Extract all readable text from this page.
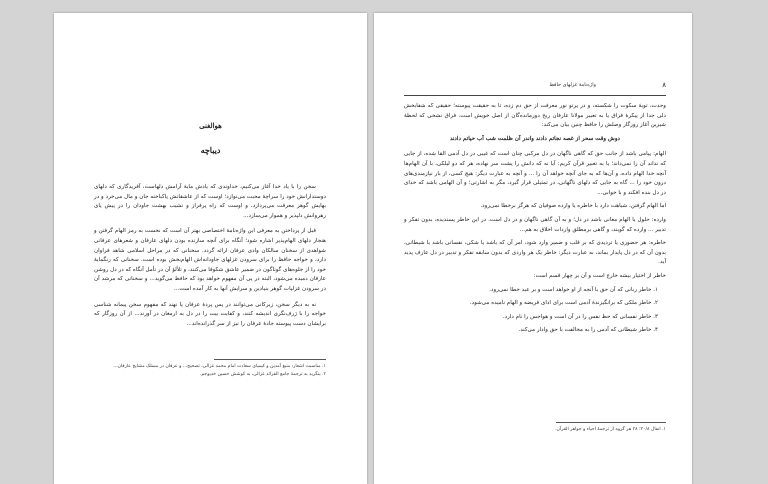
هوالغنی
دیباچه

سخن را با یاد خدا آغاز می‌کنیم، خداوندی که یادش مایهٔ آرامش دلهاست، آفریدگاری که دلهای دوستدارانش خود را سراچهٔ محبت می‌نوازد؛ اوست که از عاشقانش پاکباخته جان و مال می‌خرد و در بهایش گوهر معرفت می‌پردازد، و اوست که راه پرفراز و نشیب بهشت جاودان را در پیش پای رهروانش دلپذیر و هموار می‌سازد...

قبل از پرداختن به معرفی این واژه‌نامهٔ اختصاصی بهتر آن است که نخست به رمز الهام گرفتن و هنجار دلهای الهام‌پذیر اشاره شود؛ آنگاه برای آنچه سازنده بودن دلهای عارفان و شعرهای عرفانی شواهدی از سخنان سالکان وادی عرفان ارائه گردد. سخنانی که در مراحل اسلامی شاهد فراوان دارد، و خواجه حافظ را برای سرودن غزلهای جاودانه‌اش الهام‌بخش بوده است. سخنانی که رنگمایهٔ خود را از جلوه‌های گوناگون در ضمیر عاشق شکوفا می‌کنند، و تلألؤ آن در تأمل آنگاه که در دل روشن عارفان دمیده می‌شود، البته در پی آن مفهوم خواهد بود که حافظ می‌گوید... و سخنانی که مرشد آن در سرودن غزلیات گوهر بنیادین و سرایش آنها به کار آمده است...

نه به دیگر سخن، زیرکانی می‌توانند در پس پردهٔ عرفان پا نهند که مفهوم سخن پیمانه شناسی خواجه را با ژرف‌نگری اندیشه کنند، و کفایت بیت را در دل به ارمغان در آورند... از آن روزگار که برایشان دست پیوسته جادهٔ عرفان را نیز از سر گذرانده‌اند...

۱. مناسبت اشعار: منبع آمدین و کیمیای سعادت امام محمد غزالی، تصحیح... و عرفان در مسلک مشایخ عارفان...

۲. بنگرید به ترجمهٔ جامع الفرائد غزالی، به کوشش حسین خدیوجم.

۸
واژه‌نامهٔ غزلهای حافظ

وحدت، توبهٔ سکوت را شکسته، و در پرتو نور معرفت از حق دم زده، تا به حقیقت پیوسته؛ حقیقی که شفابخش دلی جدا از پیکرهٔ فراق یا به تعبیر مولانا عارفان ریخ دورمانده‌گان از اصل خویش است. فراق نشخی که لحظهٔ شیرین آغاز روزگار وصلش را حافظ چنین بیان می‌کند:

دوش وقت سحر از غصه نجاتم دادند واندر آن ظلمت شب آب حیاتم دادند

الهام: پیامی باشد از جانب حق که گاهی ناگهان در دل مرکبی چنان است که غیبی در دل آدمی القا شده، از جایی که نداند آن را نمی‌داند؛ یا به تعبیر قرآن کریم: آیا نه که دانش را پشت سر نهاده، هر که دو لیلکی، با آن الهام‌ها آنچه خدا الهام داده، و آن‌ها که به جای آنچه خواهد آن را ... و آنچه به عبارت دیگر: هیچ کسی، از بار نیازمندی‌های درون خود را ... گاه به جایی که دلهای ناگهانی، در تمثیلی قرار گیرد، مگر به اشارتی؛ و آن الهامی باشد که خدای در دل بنده افکند و با خوابی...

اما الهام گرفتن، شیاهت دارد با خاطره یا وارده صوفیان که هرگز برخطا نمی‌رود.

وارده: حلول یا الهام معانی باشد در دل؛ و به آن گاهی ناگهان و در دل است. در این خاطر پسندیده، بدون تفکر و تدبیر ... وارده که گویند، و گاهی برمطلق واردات اخلاق به هم...

خاطره: هر حضوری یا تردیدی که بر قلب و ضمیر وارد شود، امر آن که باشد یا شکی، نفسانی باشد یا شیطانی، بدون آن که در دل پایدار بماند، به عبارت دیگر: خاطر یک هر واردی که بدون سابقه تفکر و تدبیر در دل عارف پدید آید.

خاطر از اختیار بیشه خارج است و آن بر چهار قسم است:

۱. خاطر ربانی که آن حق با آنجه از او خواهد است و بر عبد خطا نمی‌رود.

۲. خاطر ملکی که برانگیزندهٔ آدمی است برای ادای فریضه و الهام نامیده می‌شود.

۳. خاطر نفسانی که حظ نفس را در آن است و هواجس را نام دارد.

۴. خاطر شیطانی که آدمی را به مخالفت با حق وادار می‌کند.

۱. انفال ۲۰/۸؛ ۲۸ هر گروه از ترجمهٔ احیاء و جواهر القرآن.
